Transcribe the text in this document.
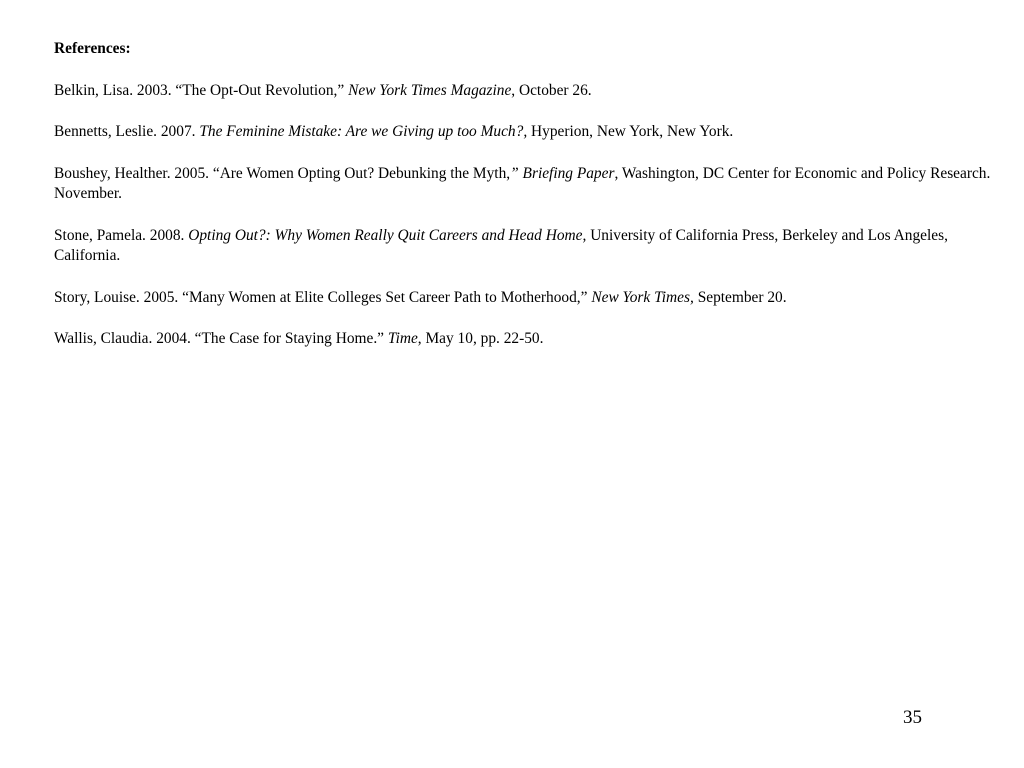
References:

Belkin, Lisa. 2003. “The Opt-Out Revolution,” New York Times Magazine, October 26.

Bennetts, Leslie. 2007. The Feminine Mistake: Are we Giving up too Much?, Hyperion, New York, New York.

Boushey, Healther. 2005. “Are Women Opting Out? Debunking the Myth,” Briefing Paper, Washington, DC Center for Economic and Policy Research. November.

Stone, Pamela. 2008. Opting Out?: Why Women Really Quit Careers and Head Home, University of California Press, Berkeley and Los Angeles, California.

Story, Louise. 2005. “Many Women at Elite Colleges Set Career Path to Motherhood,” New York Times, September 20.

Wallis, Claudia. 2004. “The Case for Staying Home.” Time, May 10, pp. 22-50.

35
